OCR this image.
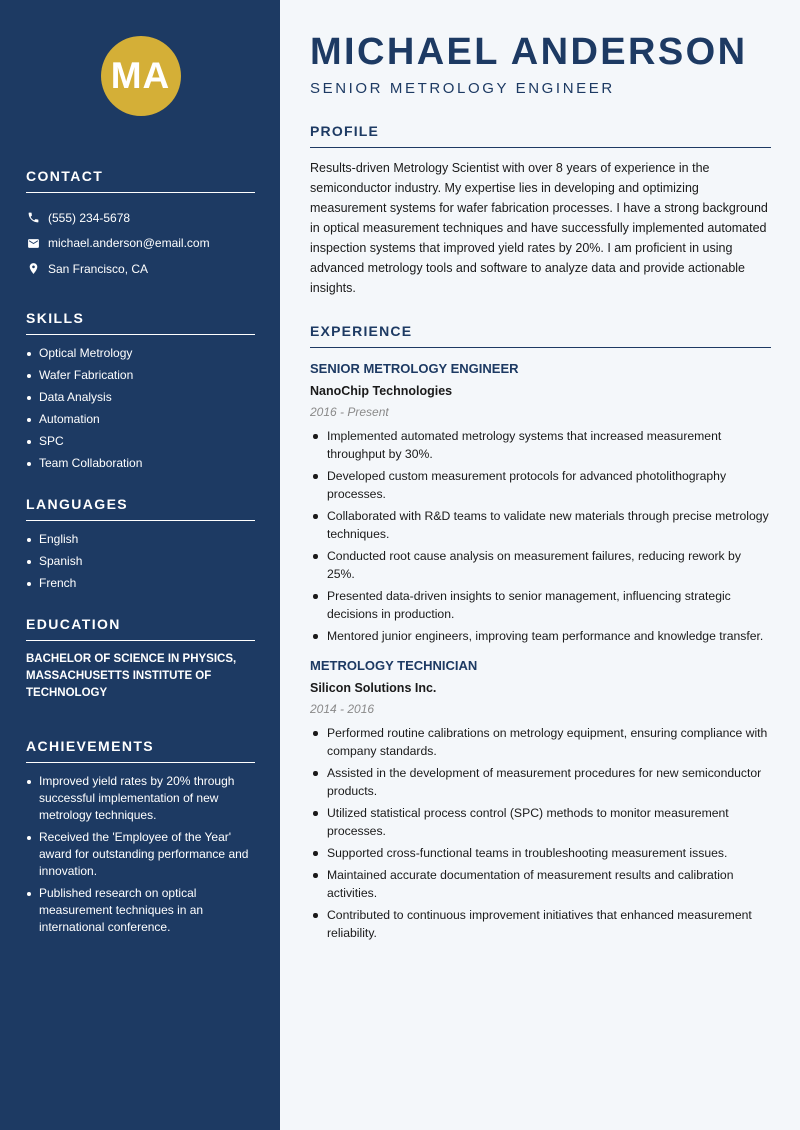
MA
CONTACT
(555) 234-5678
michael.anderson@email.com
San Francisco, CA
SKILLS
Optical Metrology
Wafer Fabrication
Data Analysis
Automation
SPC
Team Collaboration
LANGUAGES
English
Spanish
French
EDUCATION

BACHELOR OF SCIENCE IN PHYSICS, MASSACHUSETTS INSTITUTE OF TECHNOLOGY

ACHIEVEMENTS
Improved yield rates by 20% through successful implementation of new metrology techniques.
Received the 'Employee of the Year' award for outstanding performance and innovation.
Published research on optical measurement techniques in an international conference.
MICHAEL ANDERSON
SENIOR METROLOGY ENGINEER
PROFILE

Results-driven Metrology Scientist with over 8 years of experience in the semiconductor industry. My expertise lies in developing and optimizing measurement systems for wafer fabrication processes. I have a strong background in optical measurement techniques and have successfully implemented automated inspection systems that improved yield rates by 20%. I am proficient in using advanced metrology tools and software to analyze data and provide actionable insights.

EXPERIENCE
SENIOR METROLOGY ENGINEER
NanoChip Technologies
2016 - Present
Implemented automated metrology systems that increased measurement throughput by 30%.
Developed custom measurement protocols for advanced photolithography processes.
Collaborated with R&D teams to validate new materials through precise metrology techniques.
Conducted root cause analysis on measurement failures, reducing rework by 25%.
Presented data-driven insights to senior management, influencing strategic decisions in production.
Mentored junior engineers, improving team performance and knowledge transfer.
METROLOGY TECHNICIAN
Silicon Solutions Inc.
2014 - 2016
Performed routine calibrations on metrology equipment, ensuring compliance with company standards.
Assisted in the development of measurement procedures for new semiconductor products.
Utilized statistical process control (SPC) methods to monitor measurement processes.
Supported cross-functional teams in troubleshooting measurement issues.
Maintained accurate documentation of measurement results and calibration activities.
Contributed to continuous improvement initiatives that enhanced measurement reliability.
